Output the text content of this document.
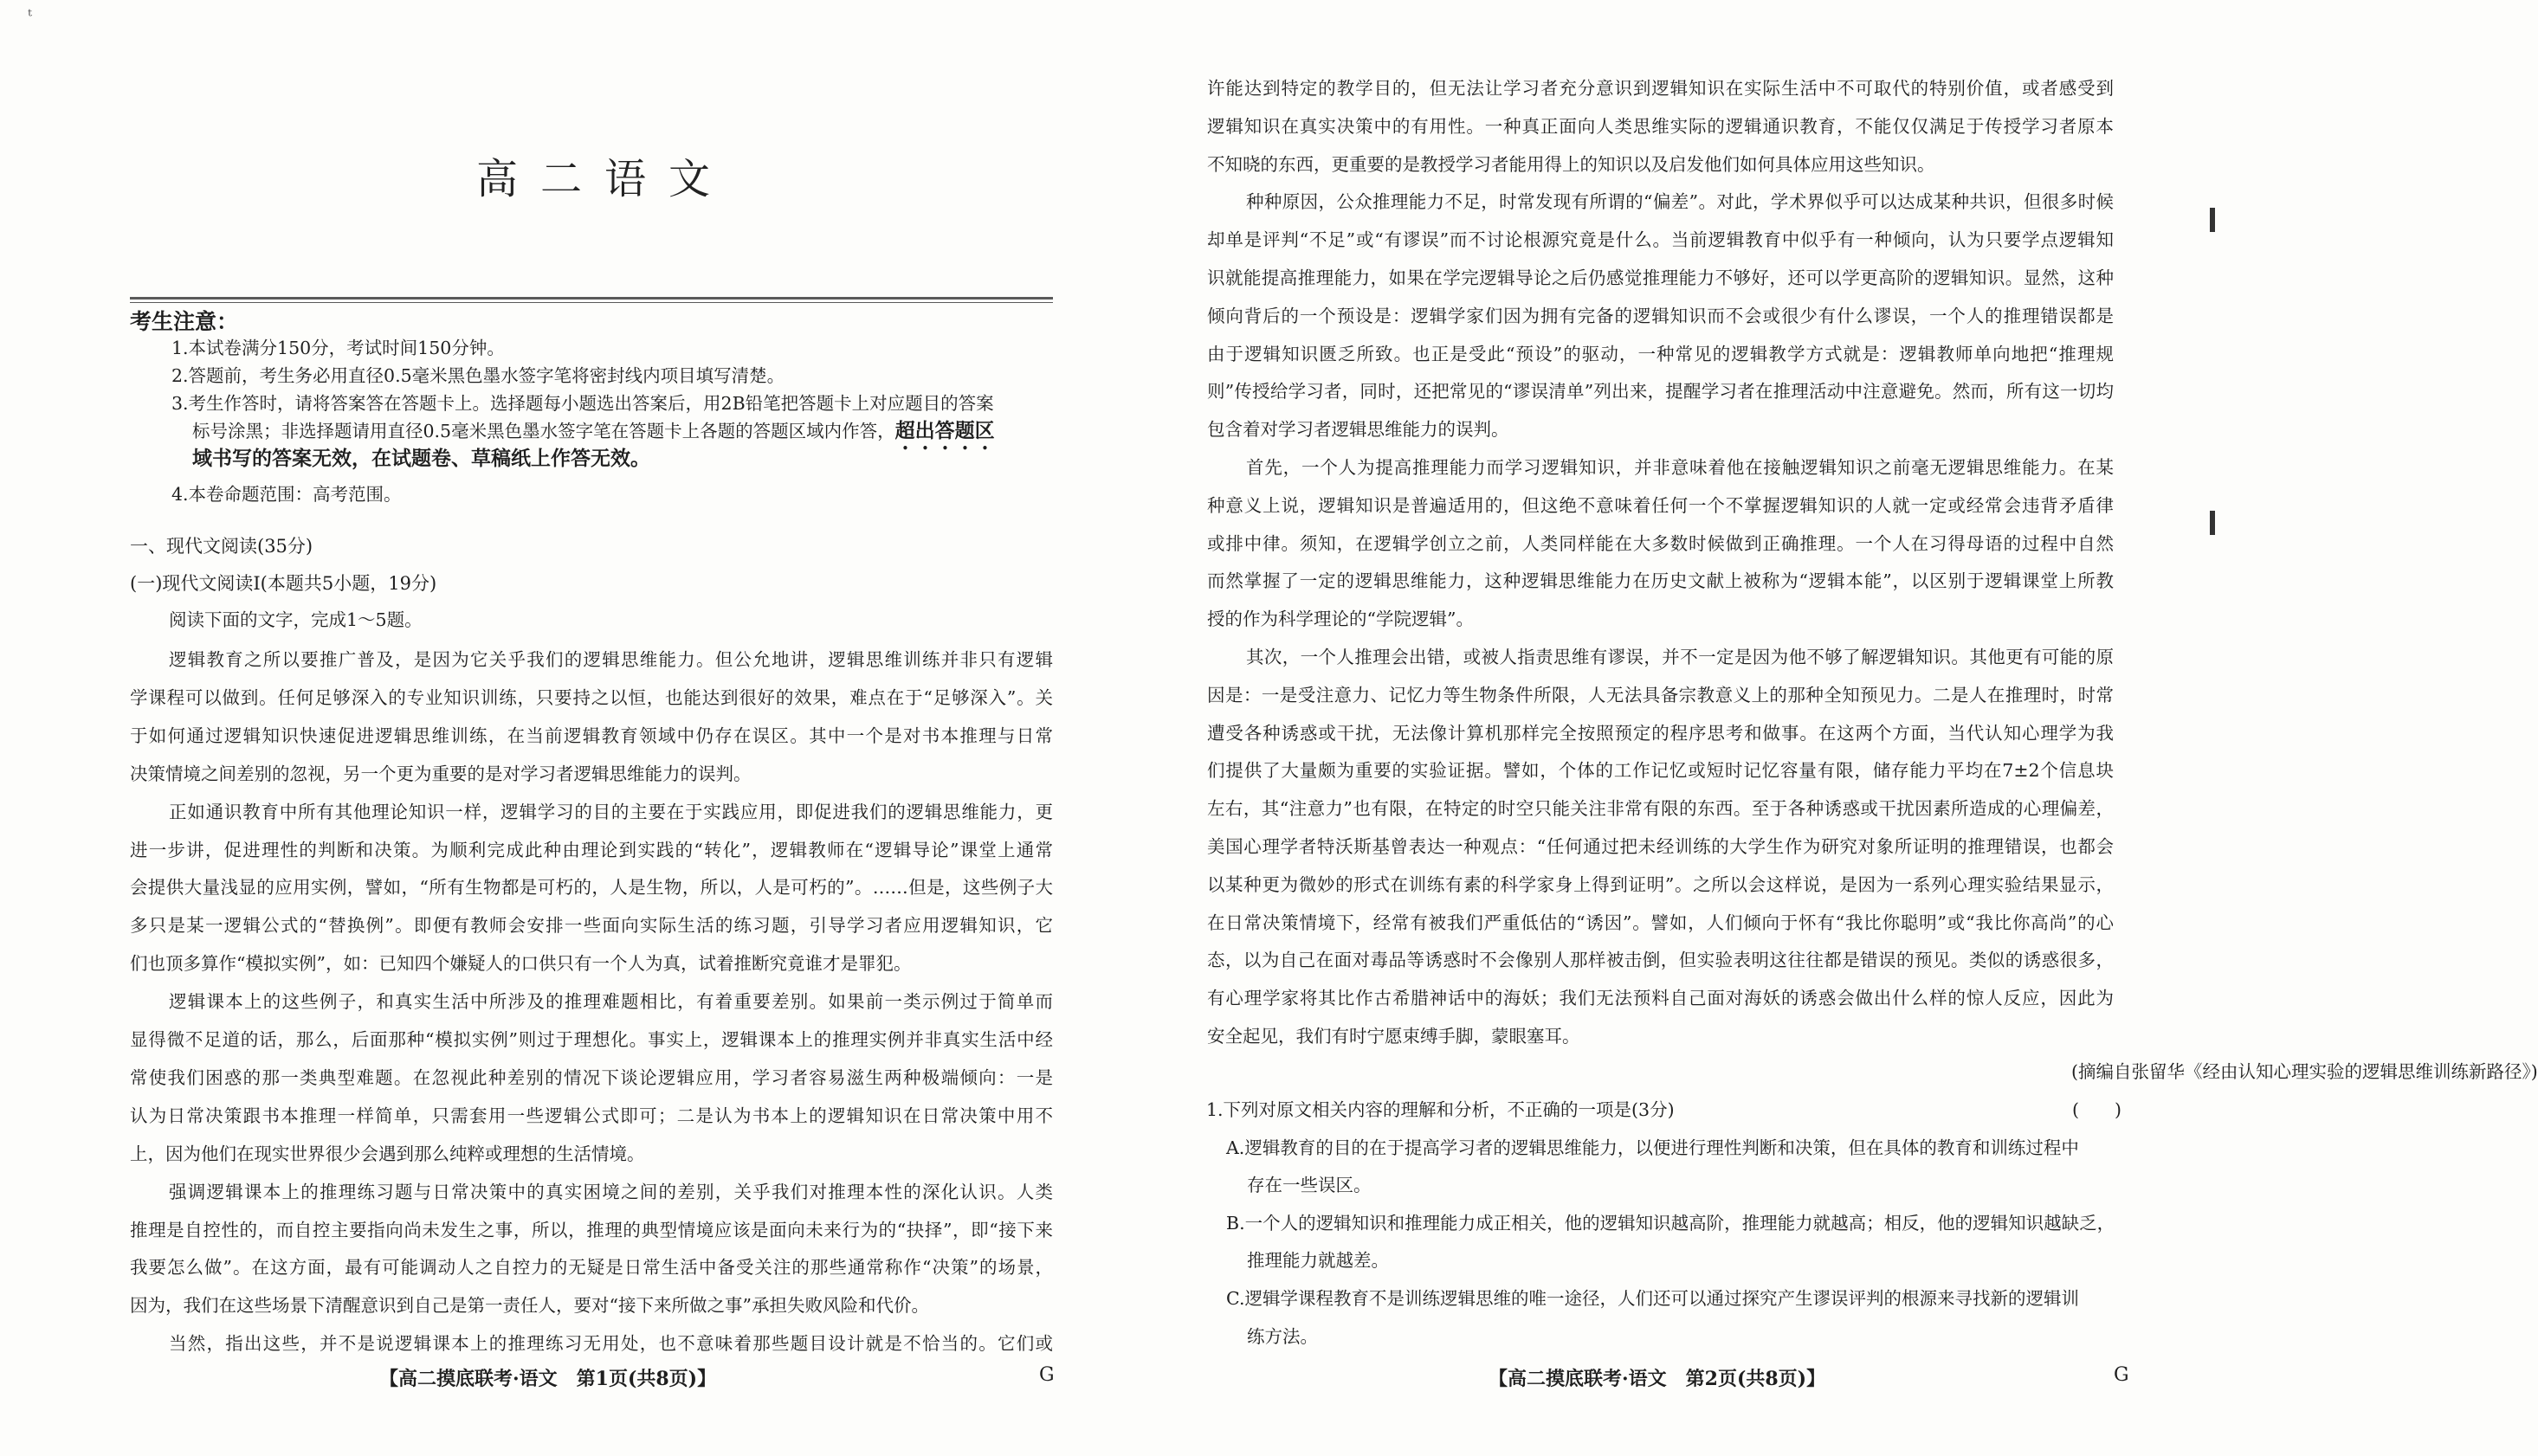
ᵗ
高二语文
考生注意：
1.本试卷满分150分，考试时间150分钟。
2.答题前，考生务必用直径0.5毫米黑色墨水签字笔将密封线内项目填写清楚。
3.考生作答时，请将答案答在答题卡上。选择题每小题选出答案后，用2B铅笔把答题卡上对应题目的答案
标号涂黑；非选择题请用直径0.5毫米黑色墨水签字笔在答题卡上各题的答题区域内作答，超出答题区
域书写的答案无效，在试题卷、草稿纸上作答无效。
4.本卷命题范围：高考范围。
一、现代文阅读(35分)
(一)现代文阅读Ⅰ(本题共5小题，19分)
阅读下面的文字，完成1～5题。
逻辑教育之所以要推广普及，是因为它关乎我们的逻辑思维能力。但公允地讲，逻辑思维训练并非只有逻辑
学课程可以做到。任何足够深入的专业知识训练，只要持之以恒，也能达到很好的效果，难点在于“足够深入”。关
于如何通过逻辑知识快速促进逻辑思维训练，在当前逻辑教育领域中仍存在误区。其中一个是对书本推理与日常
决策情境之间差别的忽视，另一个更为重要的是对学习者逻辑思维能力的误判。
正如通识教育中所有其他理论知识一样，逻辑学习的目的主要在于实践应用，即促进我们的逻辑思维能力，更
进一步讲，促进理性的判断和决策。为顺利完成此种由理论到实践的“转化”，逻辑教师在“逻辑导论”课堂上通常
会提供大量浅显的应用实例，譬如，“所有生物都是可朽的，人是生物，所以，人是可朽的”。……但是，这些例子大
多只是某一逻辑公式的“替换例”。即便有教师会安排一些面向实际生活的练习题，引导学习者应用逻辑知识，它
们也顶多算作“模拟实例”，如：已知四个嫌疑人的口供只有一个人为真，试着推断究竟谁才是罪犯。
逻辑课本上的这些例子，和真实生活中所涉及的推理难题相比，有着重要差别。如果前一类示例过于简单而
显得微不足道的话，那么，后面那种“模拟实例”则过于理想化。事实上，逻辑课本上的推理实例并非真实生活中经
常使我们困惑的那一类典型难题。在忽视此种差别的情况下谈论逻辑应用，学习者容易滋生两种极端倾向：一是
认为日常决策跟书本推理一样简单，只需套用一些逻辑公式即可；二是认为书本上的逻辑知识在日常决策中用不
上，因为他们在现实世界很少会遇到那么纯粹或理想的生活情境。
强调逻辑课本上的推理练习题与日常决策中的真实困境之间的差别，关乎我们对推理本性的深化认识。人类
推理是自控性的，而自控主要指向尚未发生之事，所以，推理的典型情境应该是面向未来行为的“抉择”，即“接下来
我要怎么做”。在这方面，最有可能调动人之自控力的无疑是日常生活中备受关注的那些通常称作“决策”的场景，
因为，我们在这些场景下清醒意识到自己是第一责任人，要对“接下来所做之事”承担失败风险和代价。
当然，指出这些，并不是说逻辑课本上的推理练习无用处，也不意味着那些题目设计就是不恰当的。它们或
【高二摸底联考·语文　第1页(共8页)】	G
许能达到特定的教学目的，但无法让学习者充分意识到逻辑知识在实际生活中不可取代的特别价值，或者感受到
逻辑知识在真实决策中的有用性。一种真正面向人类思维实际的逻辑通识教育，不能仅仅满足于传授学习者原本
不知晓的东西，更重要的是教授学习者能用得上的知识以及启发他们如何具体应用这些知识。
种种原因，公众推理能力不足，时常发现有所谓的“偏差”。对此，学术界似乎可以达成某种共识，但很多时候
却单是评判“不足”或“有谬误”而不讨论根源究竟是什么。当前逻辑教育中似乎有一种倾向，认为只要学点逻辑知
识就能提高推理能力，如果在学完逻辑导论之后仍感觉推理能力不够好，还可以学更高阶的逻辑知识。显然，这种
倾向背后的一个预设是：逻辑学家们因为拥有完备的逻辑知识而不会或很少有什么谬误，一个人的推理错误都是
由于逻辑知识匮乏所致。也正是受此“预设”的驱动，一种常见的逻辑教学方式就是：逻辑教师单向地把“推理规
则”传授给学习者，同时，还把常见的“谬误清单”列出来，提醒学习者在推理活动中注意避免。然而，所有这一切均
包含着对学习者逻辑思维能力的误判。
首先，一个人为提高推理能力而学习逻辑知识，并非意味着他在接触逻辑知识之前毫无逻辑思维能力。在某
种意义上说，逻辑知识是普遍适用的，但这绝不意味着任何一个不掌握逻辑知识的人就一定或经常会违背矛盾律
或排中律。须知，在逻辑学创立之前，人类同样能在大多数时候做到正确推理。一个人在习得母语的过程中自然
而然掌握了一定的逻辑思维能力，这种逻辑思维能力在历史文献上被称为“逻辑本能”，以区别于逻辑课堂上所教
授的作为科学理论的“学院逻辑”。
其次，一个人推理会出错，或被人指责思维有谬误，并不一定是因为他不够了解逻辑知识。其他更有可能的原
因是：一是受注意力、记忆力等生物条件所限，人无法具备宗教意义上的那种全知预见力。二是人在推理时，时常
遭受各种诱惑或干扰，无法像计算机那样完全按照预定的程序思考和做事。在这两个方面，当代认知心理学为我
们提供了大量颇为重要的实验证据。譬如，个体的工作记忆或短时记忆容量有限，储存能力平均在7±2个信息块
左右，其“注意力”也有限，在特定的时空只能关注非常有限的东西。至于各种诱惑或干扰因素所造成的心理偏差，
美国心理学者特沃斯基曾表达一种观点：“任何通过把未经训练的大学生作为研究对象所证明的推理错误，也都会
以某种更为微妙的形式在训练有素的科学家身上得到证明”。之所以会这样说，是因为一系列心理实验结果显示，
在日常决策情境下，经常有被我们严重低估的“诱因”。譬如，人们倾向于怀有“我比你聪明”或“我比你高尚”的心
态，以为自己在面对毒品等诱惑时不会像别人那样被击倒，但实验表明这往往都是错误的预见。类似的诱惑很多，
有心理学家将其比作古希腊神话中的海妖；我们无法预料自己面对海妖的诱惑会做出什么样的惊人反应，因此为
安全起见，我们有时宁愿束缚手脚，蒙眼塞耳。
(摘编自张留华《经由认知心理实验的逻辑思维训练新路径》)
1.下列对原文相关内容的理解和分析，不正确的一项是(3分)	(　　)
A.逻辑教育的目的在于提高学习者的逻辑思维能力，以便进行理性判断和决策，但在具体的教育和训练过程中
存在一些误区。
B.一个人的逻辑知识和推理能力成正相关，他的逻辑知识越高阶，推理能力就越高；相反，他的逻辑知识越缺乏，
推理能力就越差。
C.逻辑学课程教育不是训练逻辑思维的唯一途径，人们还可以通过探究产生谬误评判的根源来寻找新的逻辑训
练方法。
【高二摸底联考·语文　第2页(共8页)】	G
